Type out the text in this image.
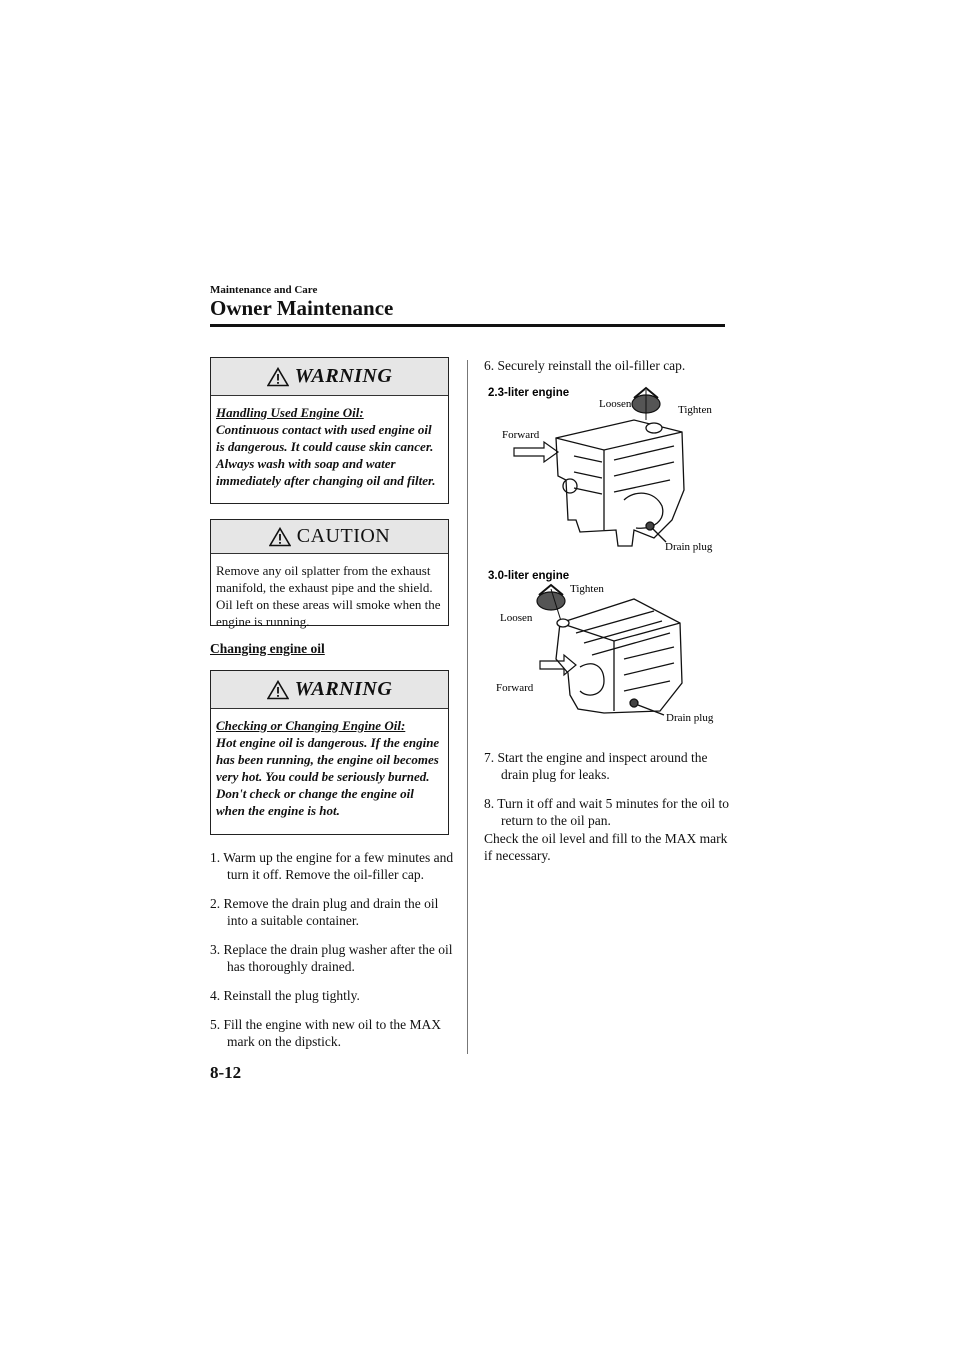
Maintenance and Care
Owner Maintenance
WARNING
Handling Used Engine Oil:
Continuous contact with used engine oil is dangerous. It could cause skin cancer. Always wash with soap and water immediately after changing oil and filter.
CAUTION
Remove any oil splatter from the exhaust manifold, the exhaust pipe and the shield. Oil left on these areas will smoke when the engine is running.
Changing engine oil
WARNING
Checking or Changing Engine Oil:
Hot engine oil is dangerous. If the engine has been running, the engine oil becomes very hot. You could be seriously burned. Don't check or change the engine oil when the engine is hot.
1. Warm up the engine for a few minutes and turn it off. Remove the oil-filler cap.
2. Remove the drain plug and drain the oil into a suitable container.
3. Replace the drain plug washer after the oil has thoroughly drained.
4. Reinstall the plug tightly.
5. Fill the engine with new oil to the MAX mark on the dipstick.
6. Securely reinstall the oil-filler cap.
2.3-liter engine
Loosen	Tighten
Forward
Drain plug
3.0-liter engine
Tighten
Loosen
Forward
Drain plug
7. Start the engine and inspect around the drain plug for leaks.
8. Turn it off and wait 5 minutes for the oil to return to the oil pan.
Check the oil level and fill to the MAX mark if necessary.
8-12
